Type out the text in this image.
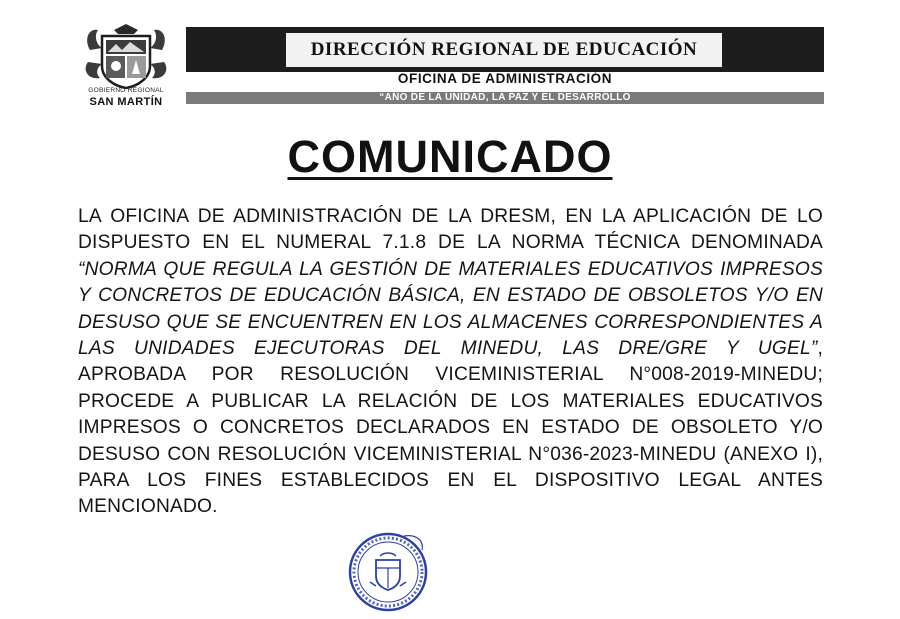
GOBIERNO REGIONAL
SAN MARTÍN
DIRECCIÓN REGIONAL DE EDUCACIÓN
OFICINA DE ADMINISTRACIÓN
“AÑO DE LA UNIDAD, LA PAZ Y EL DESARROLLO
COMUNICADO
LA OFICINA DE ADMINISTRACIÓN DE LA DRESM, EN LA APLICACIÓN DE LO DISPUESTO EN EL NUMERAL 7.1.8 DE LA NORMA TÉCNICA DENOMINADA “NORMA QUE REGULA LA GESTIÓN DE MATERIALES EDUCATIVOS IMPRESOS Y CONCRETOS DE EDUCACIÓN BÁSICA, EN ESTADO DE OBSOLETOS Y/O EN DESUSO QUE SE ENCUENTREN EN LOS ALMACENES CORRESPONDIENTES A LAS UNIDADES EJECUTORAS DEL MINEDU, LAS DRE/GRE Y UGEL”, APROBADA POR RESOLUCIÓN VICEMINISTERIAL N°008-2019-MINEDU; PROCEDE A PUBLICAR LA RELACIÓN DE LOS MATERIALES EDUCATIVOS IMPRESOS O CONCRETOS DECLARADOS EN ESTADO DE OBSOLETO Y/O DESUSO CON RESOLUCIÓN VICEMINISTERIAL N°036-2023-MINEDU (ANEXO I), PARA LOS FINES ESTABLECIDOS EN EL DISPOSITIVO LEGAL ANTES MENCIONADO.
